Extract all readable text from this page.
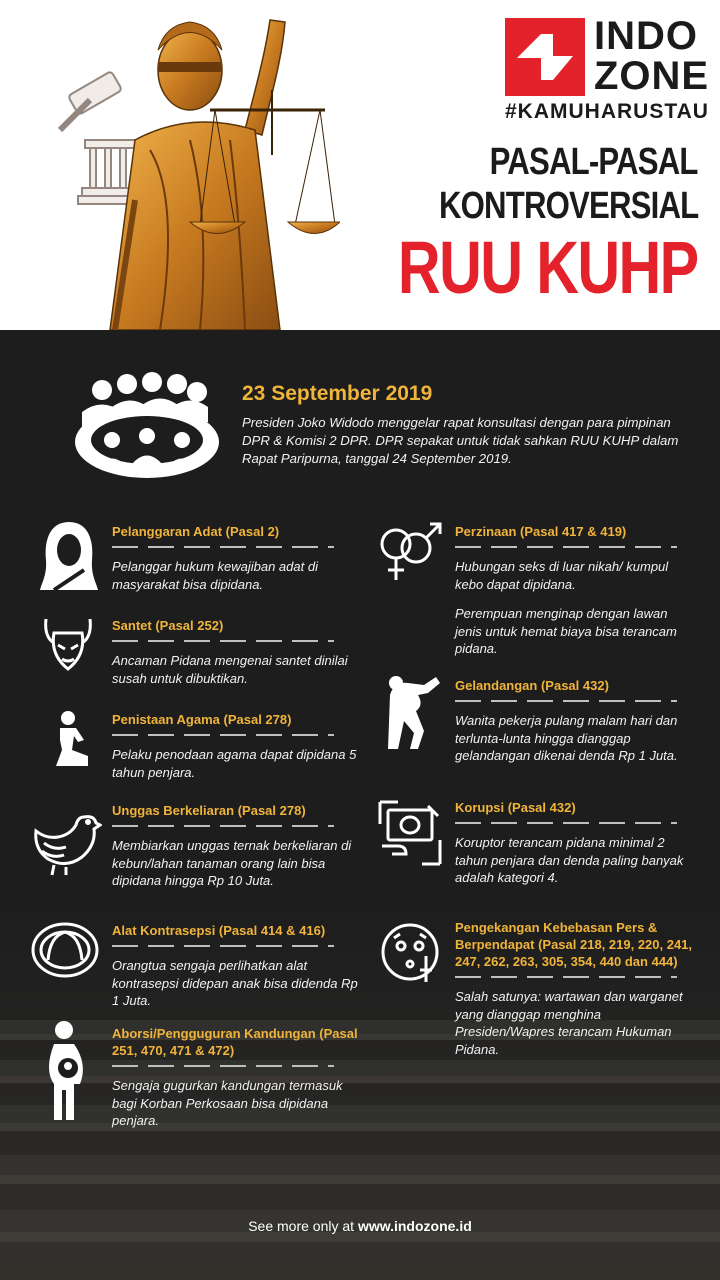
INDO
ZONE
#KAMUHARUSTAU
PASAL-PASAL
KONTROVERSIAL
RUU KUHP
23 September 2019
Presiden Joko Widodo menggelar rapat konsultasi dengan para pimpinan DPR & Komisi 2 DPR. DPR sepakat untuk tidak sahkan RUU KUHP dalam Rapat Paripurna, tanggal 24 September 2019.
Pelanggaran Adat (Pasal 2)
Pelanggar hukum kewajiban adat di masyarakat bisa dipidana.
Santet (Pasal 252)
Ancaman Pidana mengenai santet dinilai susah untuk dibuktikan.
Penistaan Agama (Pasal 278)
Pelaku penodaan agama dapat dipidana 5 tahun penjara.
Unggas Berkeliaran (Pasal 278)
Membiarkan unggas ternak berkeliaran di kebun/lahan tanaman orang lain bisa dipidana hingga Rp 10 Juta.
Alat Kontrasepsi (Pasal 414 & 416)
Orangtua sengaja perlihatkan alat kontrasepsi didepan anak bisa didenda Rp 1 Juta.
Aborsi/Pengguguran Kandungan (Pasal 251, 470, 471 & 472)
Sengaja gugurkan kandungan termasuk bagi Korban Perkosaan bisa dipidana penjara.
Perzinaan (Pasal 417 & 419)
Hubungan seks di luar nikah/ kumpul kebo dapat dipidana.
Perempuan menginap dengan lawan jenis untuk hemat biaya bisa terancam pidana.
Gelandangan (Pasal 432)
Wanita pekerja pulang malam hari dan terlunta-lunta hingga dianggap gelandangan dikenai denda Rp 1 Juta.
Korupsi (Pasal 432)
Koruptor terancam pidana minimal 2 tahun penjara dan denda paling banyak adalah kategori 4.
Pengekangan Kebebasan Pers & Berpendapat (Pasal 218, 219, 220, 241, 247, 262, 263, 305, 354, 440 dan 444)
Salah satunya: wartawan dan warganet yang dianggap menghina Presiden/Wapres terancam Hukuman Pidana.
See more only at www.indozone.id
